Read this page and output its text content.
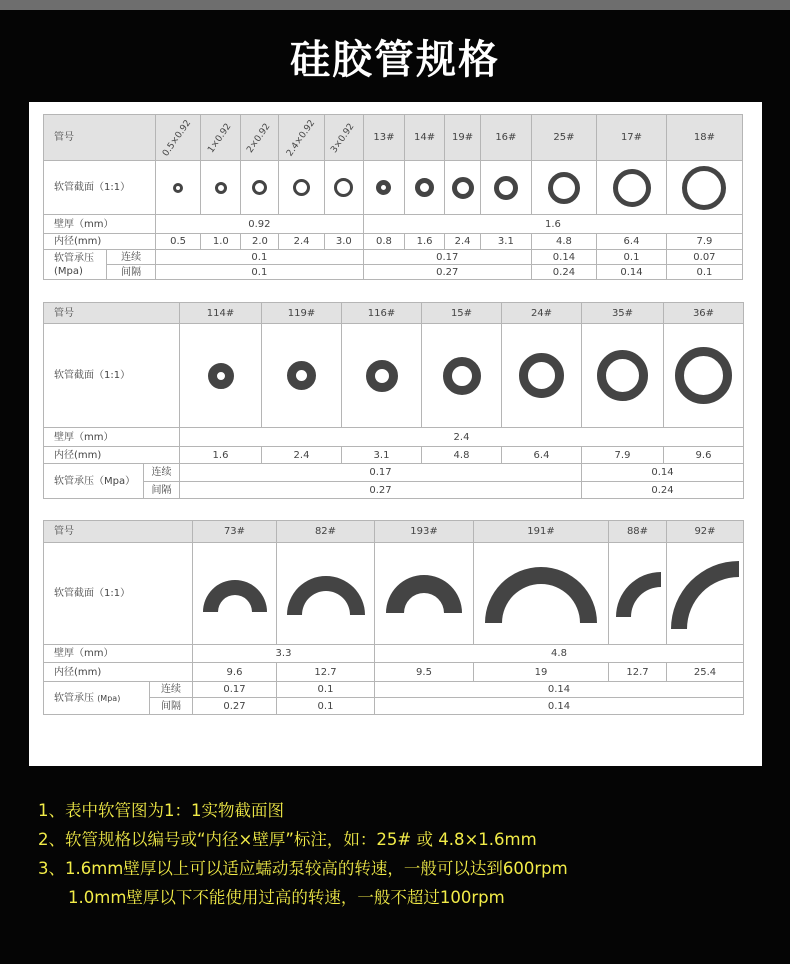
硅胶管规格
管号		0.5×0.92	1×0.92	2×0.92	2.4×0.92	3×0.92	13#	14#	19#	16#	25#	17#	18#
软管截面（1:1）		

壁厚（mm）		0.92					1.6						
内径(mm)		0.5	1.0	2.0	2.4	3.0	0.8	1.6	2.4	3.1	4.8	6.4	7.9
软管承压
(Mpa)	连续	0.1					0.17				0.14	0.1	0.07
	间隔	0.1					0.27				0.24	0.14	0.1
管号		114#	119#	116#	15#	24#	35#	36#
软管截面（1:1）		

壁厚（mm）		2.4						
内径(mm)		1.6	2.4	3.1	4.8	6.4	7.9	9.6
软管承压（Mpa）	连续	0.17					0.14	
	间隔	0.27					0.24	
管号		73#	82#	193#	191#	88#	92#
软管截面（1:1）	

壁厚（mm）		3.3		4.8			
内径(mm)		9.6	12.7	9.5	19	12.7	25.4
软管承压 (Mpa)	连续	0.17	0.1	0.14			
	间隔	0.27	0.1	0.14			
1、表中软管图为1：1实物截面图
2、软管规格以编号或“内径×壁厚”标注，如：25# 或 4.8×1.6mm
3、1.6mm壁厚以上可以适应蠕动泵较高的转速，一般可以达到600rpm
1.0mm壁厚以下不能使用过高的转速，一般不超过100rpm
